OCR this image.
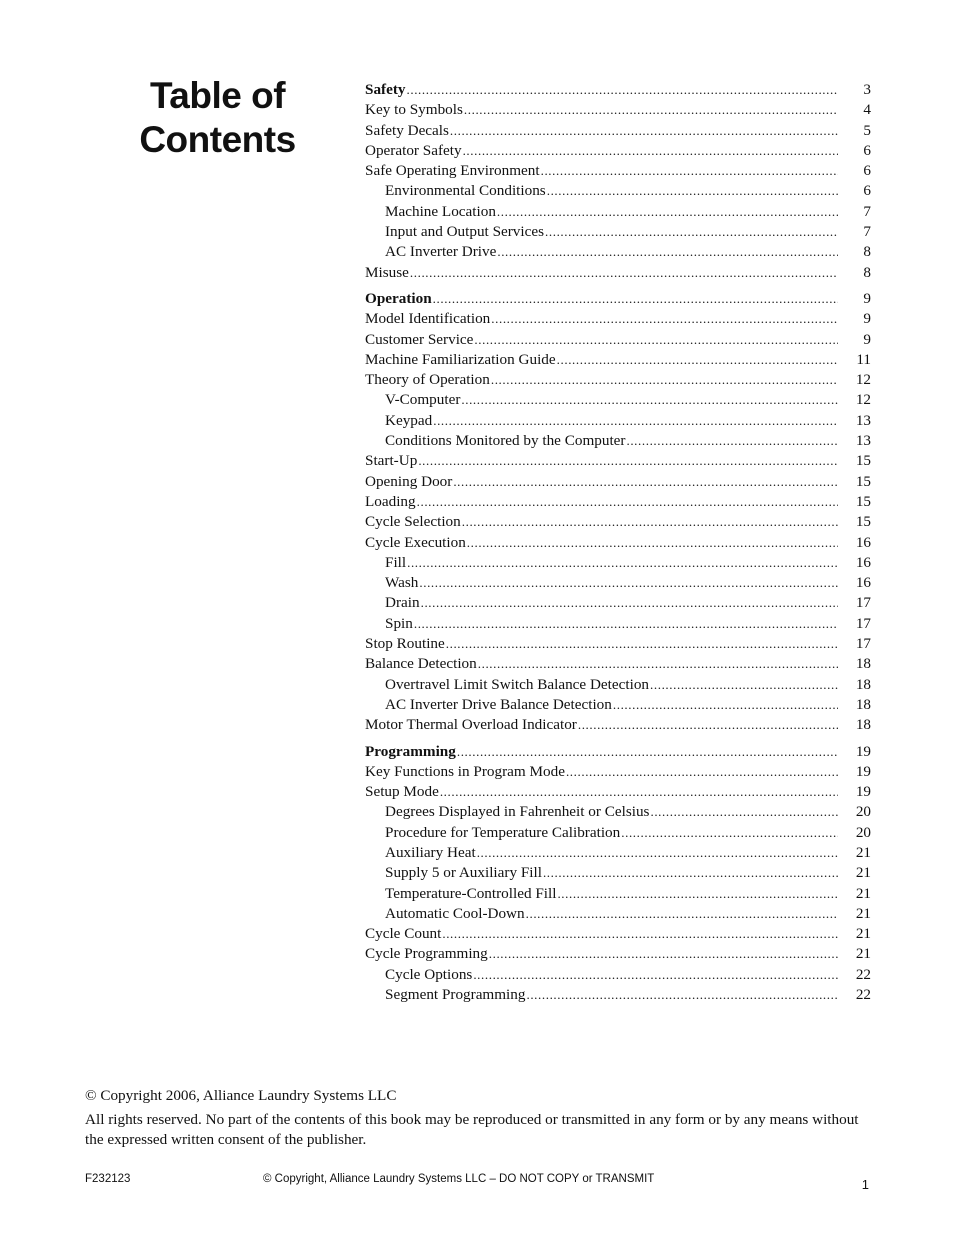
Table of
Contents
Safety .....	3
Key to Symbols .....	4
Safety Decals .....	5
Operator Safety .....	6
Safe Operating Environment .....	6
Environmental Conditions .....	6
Machine Location .....	7
Input and Output Services .....	7
AC Inverter Drive .....	8
Misuse .....	8
Operation .....	9
Model Identification .....	9
Customer Service .....	9
Machine Familiarization Guide .....	11
Theory of Operation .....	12
V-Computer .....	12
Keypad .....	13
Conditions Monitored by the Computer .....	13
Start-Up .....	15
Opening Door .....	15
Loading .....	15
Cycle Selection .....	15
Cycle Execution .....	16
Fill .....	16
Wash .....	16
Drain .....	17
Spin .....	17
Stop Routine .....	17
Balance Detection .....	18
Overtravel Limit Switch Balance Detection .....	18
AC Inverter Drive Balance Detection .....	18
Motor Thermal Overload Indicator .....	18
Programming .....	19
Key Functions in Program Mode .....	19
Setup Mode .....	19
Degrees Displayed in Fahrenheit or Celsius .....	20
Procedure for Temperature Calibration .....	20
Auxiliary Heat .....	21
Supply 5 or Auxiliary Fill .....	21
Temperature-Controlled Fill .....	21
Automatic Cool-Down .....	21
Cycle Count .....	21
Cycle Programming .....	21
Cycle Options .....	22
Segment Programming .....	22

© Copyright 2006, Alliance Laundry Systems LLC

All rights reserved. No part of the contents of this book may be reproduced or transmitted in any form or by any means without the expressed written consent of the publisher.

F232123	© Copyright, Alliance Laundry Systems LLC – DO NOT COPY or TRANSMIT	1
